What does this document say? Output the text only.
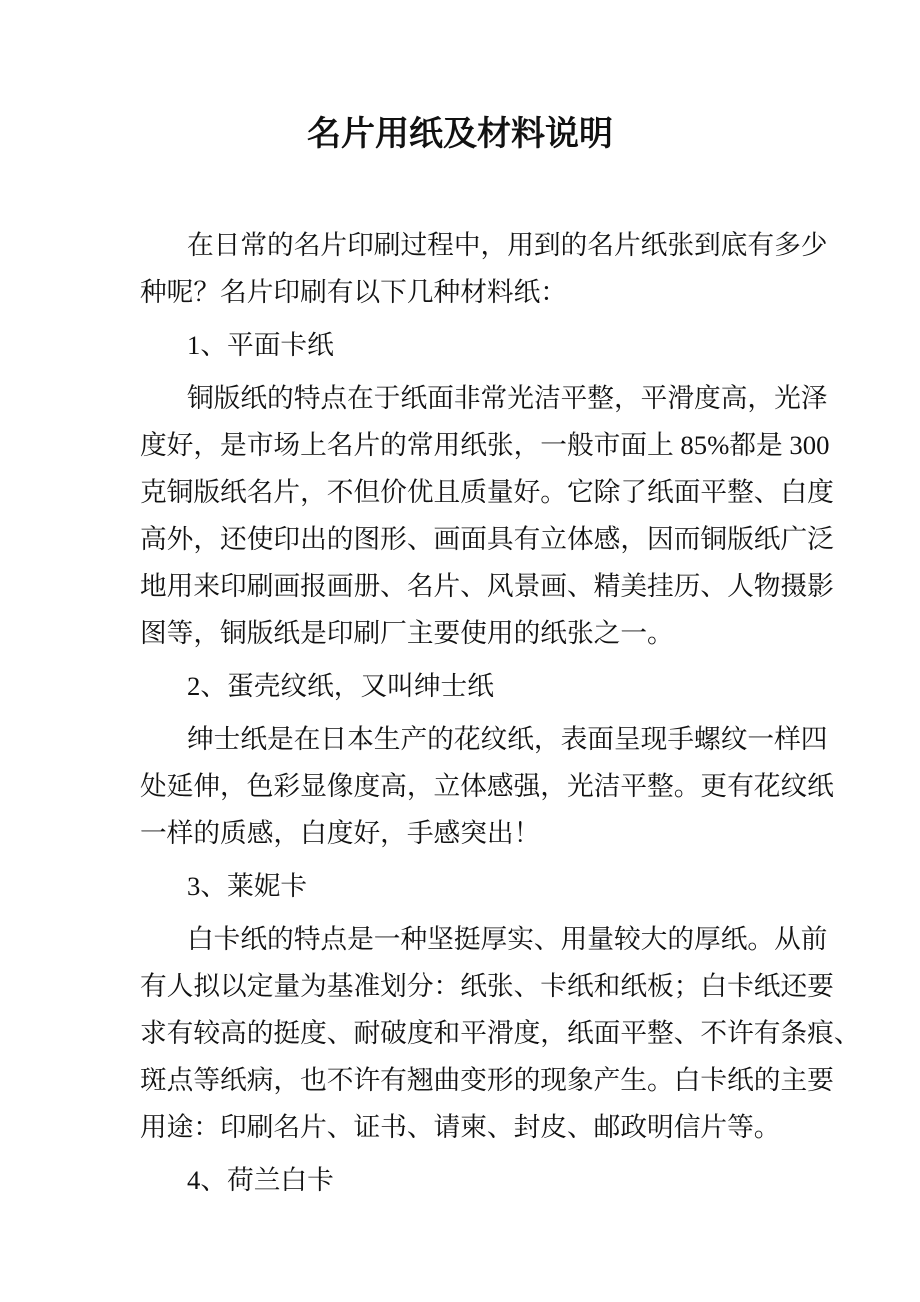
名片用纸及材料说明
在日常的名片印刷过程中，用到的名片纸张到底有多少
种呢？名片印刷有以下几种材料纸：
1、平面卡纸
铜版纸的特点在于纸面非常光洁平整，平滑度高，光泽
度好，是市场上名片的常用纸张，一般市面上 85%都是 300
克铜版纸名片，不但价优且质量好。它除了纸面平整、白度
高外，还使印出的图形、画面具有立体感，因而铜版纸广泛
地用来印刷画报画册、名片、风景画、精美挂历、人物摄影
图等，铜版纸是印刷厂主要使用的纸张之一。
2、蛋壳纹纸，又叫绅士纸
绅士纸是在日本生产的花纹纸，表面呈现手螺纹一样四
处延伸，色彩显像度高，立体感强，光洁平整。更有花纹纸
一样的质感，白度好，手感突出！
3、莱妮卡
白卡纸的特点是一种坚挺厚实、用量较大的厚纸。从前
有人拟以定量为基准划分：纸张、卡纸和纸板；白卡纸还要
求有较高的挺度、耐破度和平滑度，纸面平整、不许有条痕、
斑点等纸病，也不许有翘曲变形的现象产生。白卡纸的主要
用途：印刷名片、证书、请柬、封皮、邮政明信片等。
4、荷兰白卡
